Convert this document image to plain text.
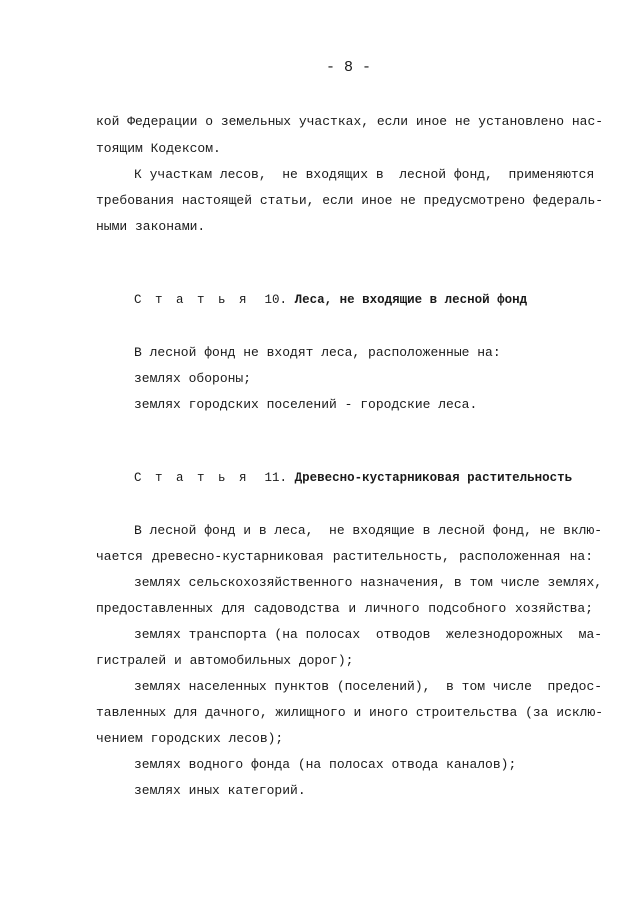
- 8 -
кой Федерации о земельных участках, если иное не установлено нас-
тоящим Кодексом.
К участкам лесов,  не входящих в  лесной фонд,  применяются
требования настоящей статьи, если иное не предусмотрено федераль-
ными законами.
С т а т ь я 10. Леса, не входящие в лесной фонд
В лесной фонд не входят леса, расположенные на:
землях обороны;
землях городских поселений - городские леса.
С т а т ь я 11. Древесно-кустарниковая растительность
В лесной фонд и в леса,  не входящие в лесной фонд, не вклю-
чается древесно-кустарниковая растительность, расположенная на:
землях сельскохозяйственного назначения, в том числе землях,
предоставленных для садоводства и личного подсобного хозяйства;
землях транспорта (на полосах  отводов  железнодорожных  ма-
гистралей и автомобильных дорог);
землях населенных пунктов (поселений),  в том числе  предос-
тавленных для дачного, жилищного и иного строительства (за исклю-
чением городских лесов);
землях водного фонда (на полосах отвода каналов);
землях иных категорий.
